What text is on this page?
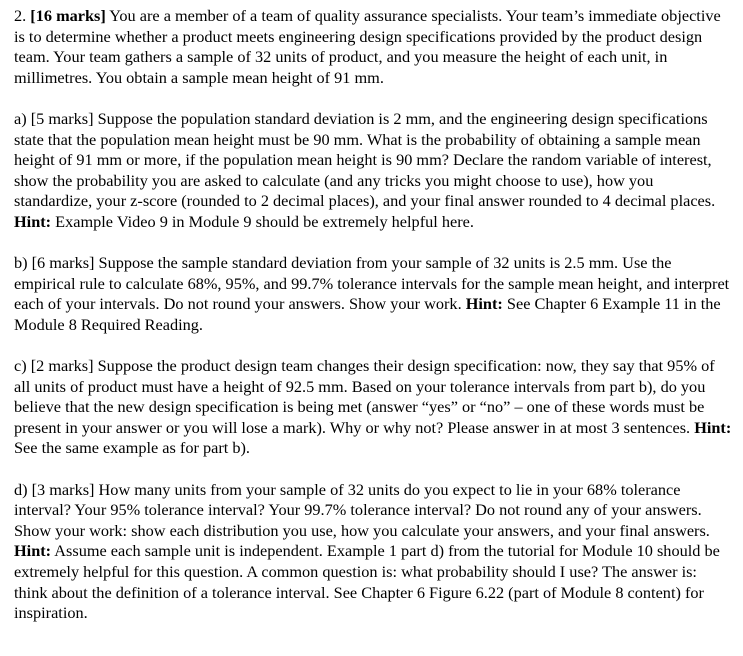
2. [16 marks] You are a member of a team of quality assurance specialists. Your team’s immediate objective is to determine whether a product meets engineering design specifications provided by the product design team. Your team gathers a sample of 32 units of product, and you measure the height of each unit, in millimetres. You obtain a sample mean height of 91 mm.

a) [5 marks] Suppose the population standard deviation is 2 mm, and the engineering design specifications state that the population mean height must be 90 mm. What is the probability of obtaining a sample mean height of 91 mm or more, if the population mean height is 90 mm? Declare the random variable of interest, show the probability you are asked to calculate (and any tricks you might choose to use), how you standardize, your z-score (rounded to 2 decimal places), and your final answer rounded to 4 decimal places. Hint: Example Video 9 in Module 9 should be extremely helpful here.

b) [6 marks] Suppose the sample standard deviation from your sample of 32 units is 2.5 mm. Use the empirical rule to calculate 68%, 95%, and 99.7% tolerance intervals for the sample mean height, and interpret each of your intervals. Do not round your answers. Show your work. Hint: See Chapter 6 Example 11 in the Module 8 Required Reading.

c) [2 marks] Suppose the product design team changes their design specification: now, they say that 95% of all units of product must have a height of 92.5 mm. Based on your tolerance intervals from part b), do you believe that the new design specification is being met (answer “yes” or “no” – one of these words must be present in your answer or you will lose a mark). Why or why not? Please answer in at most 3 sentences. Hint: See the same example as for part b).

d) [3 marks] How many units from your sample of 32 units do you expect to lie in your 68% tolerance interval? Your 95% tolerance interval? Your 99.7% tolerance interval? Do not round any of your answers. Show your work: show each distribution you use, how you calculate your answers, and your final answers. Hint: Assume each sample unit is independent. Example 1 part d) from the tutorial for Module 10 should be extremely helpful for this question. A common question is: what probability should I use? The answer is: think about the definition of a tolerance interval. See Chapter 6 Figure 6.22 (part of Module 8 content) for inspiration.
